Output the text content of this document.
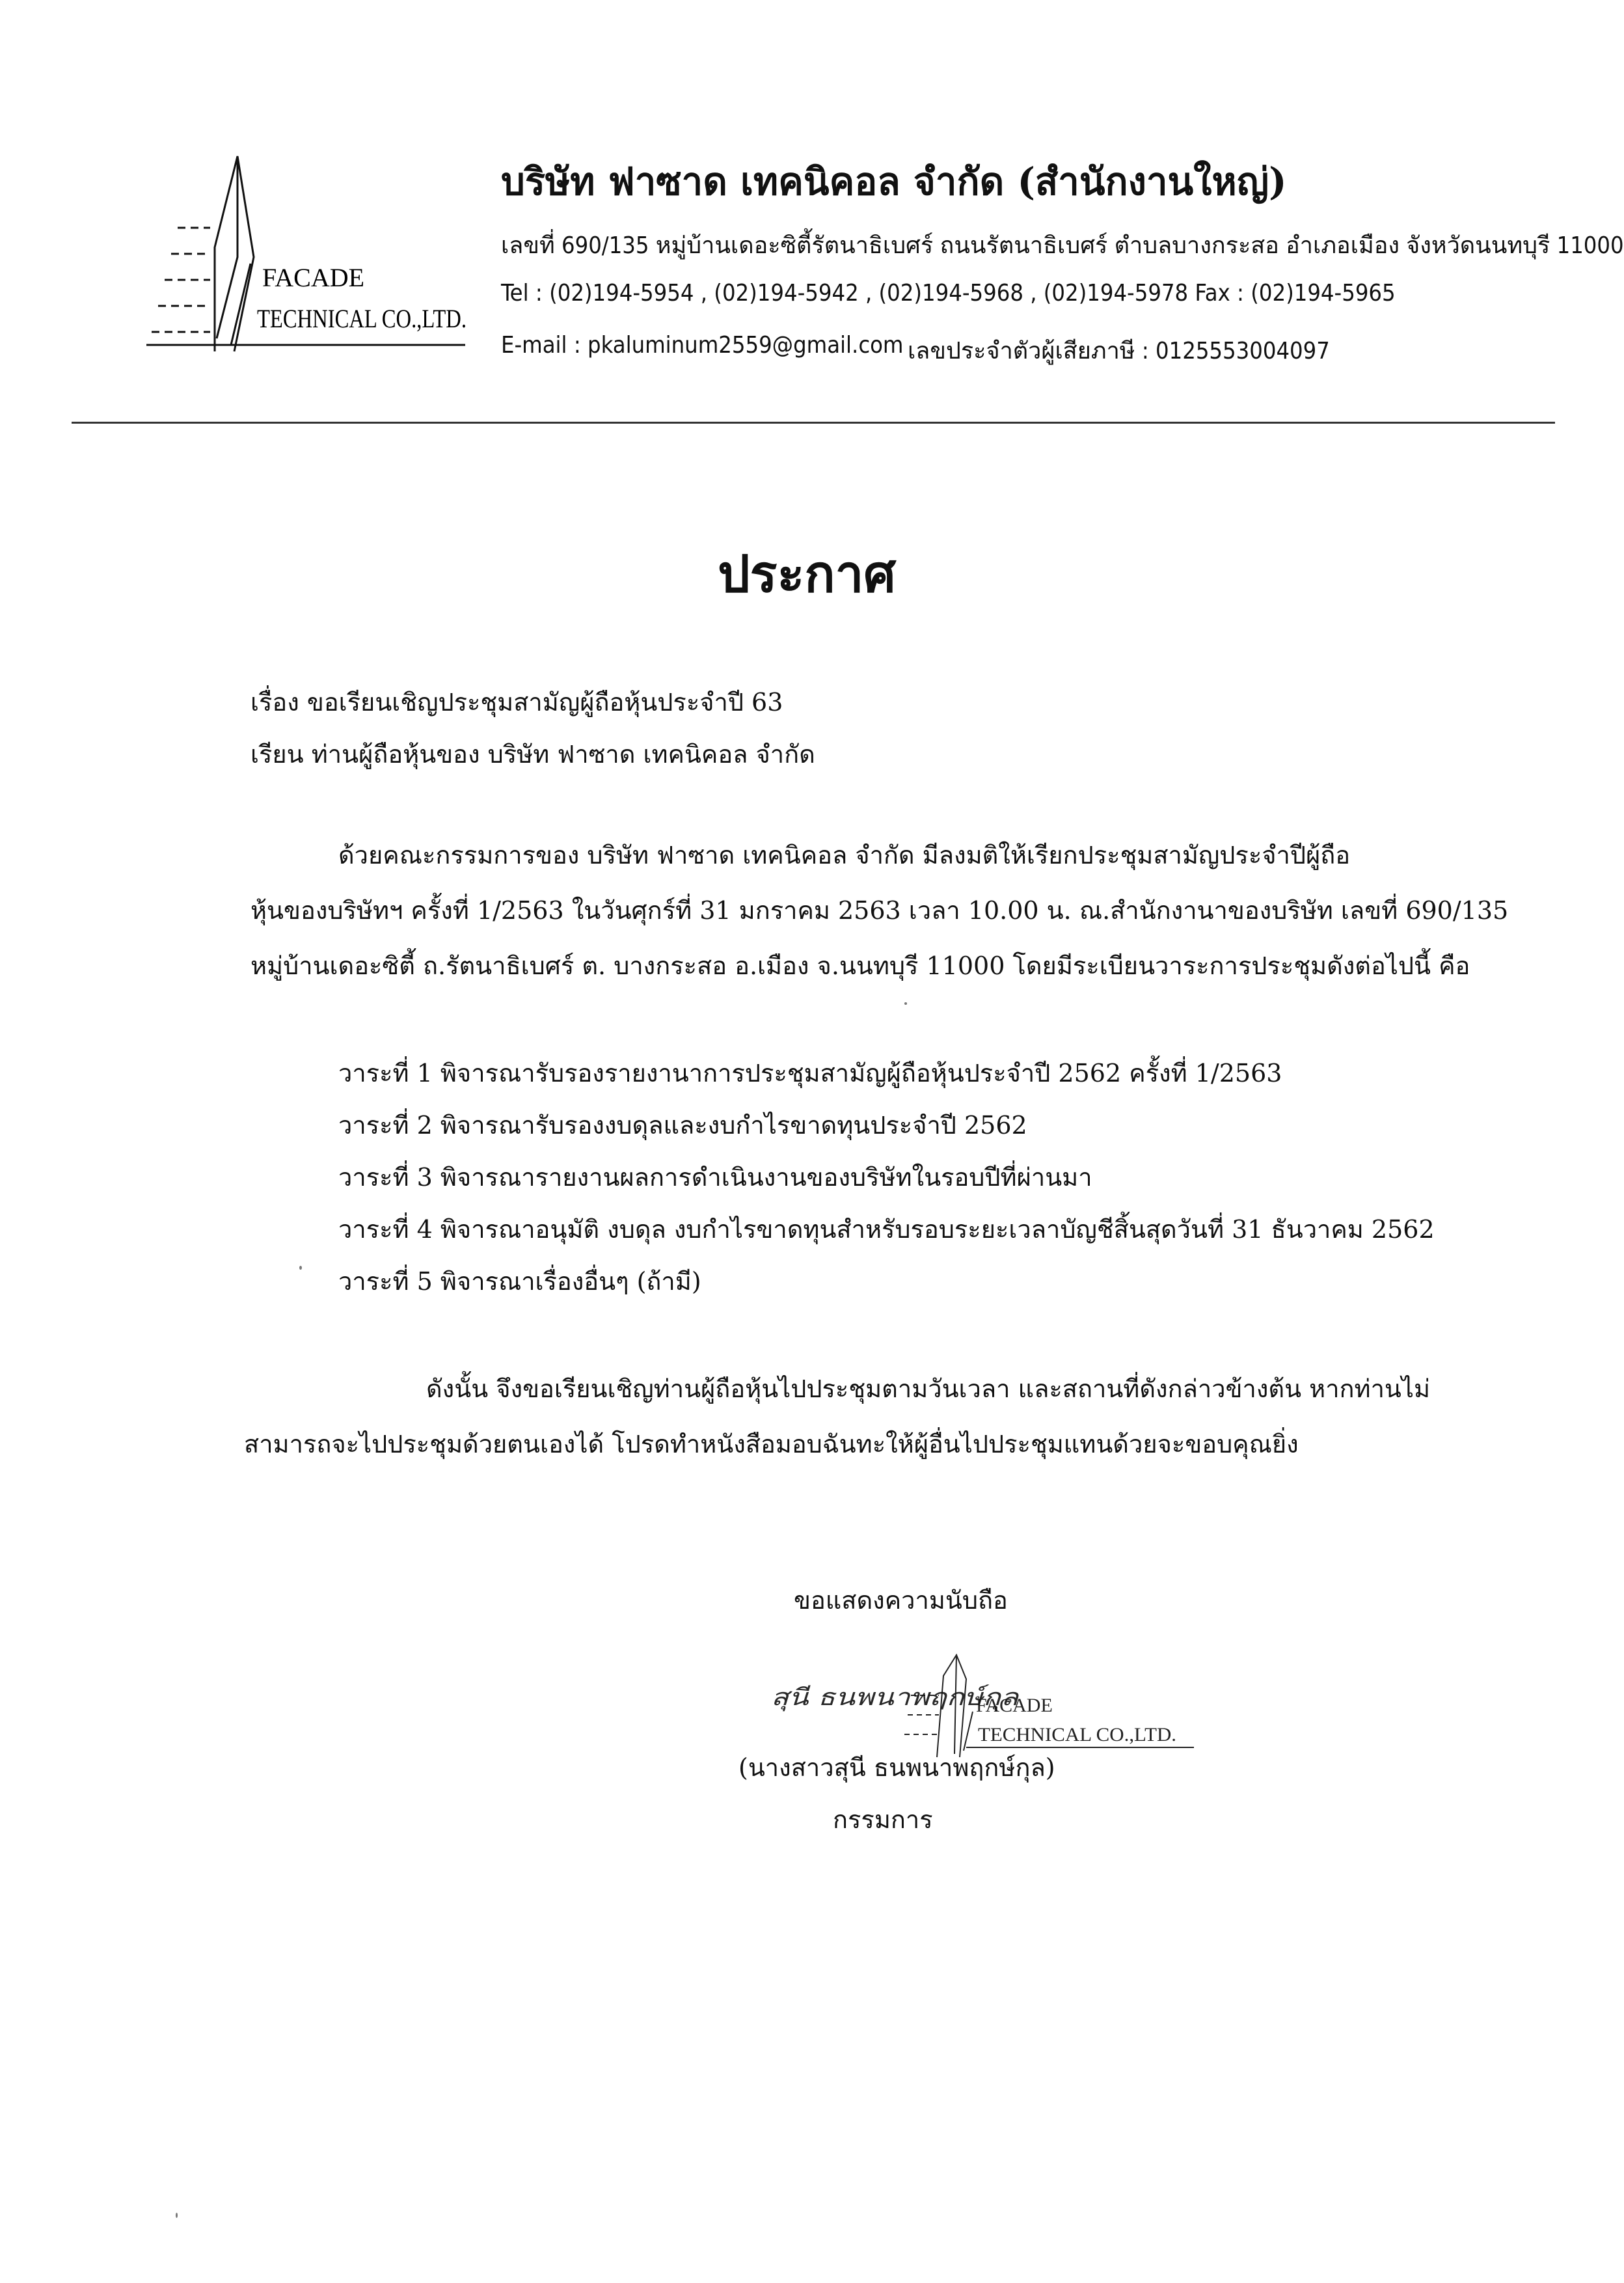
FACADE
TECHNICAL CO.,LTD.
บริษัท ฟาซาด เทคนิคอล จำกัด (สำนักงานใหญ่)
เลขที่ 690/135 หมู่บ้านเดอะซิตี้รัตนาธิเบศร์ ถนนรัตนาธิเบศร์ ตำบลบางกระสอ อำเภอเมือง จังหวัดนนทบุรี 11000
Tel : (02)194-5954 , (02)194-5942 , (02)194-5968 , (02)194-5978 Fax : (02)194-5965
E-mail : pkaluminum2559@gmail.com เลขประจำตัวผู้เสียภาษี : 0125553004097
ประกาศ
เรื่อง ขอเรียนเชิญประชุมสามัญผู้ถือหุ้นประจำปี 63
เรียน ท่านผู้ถือหุ้นของ บริษัท ฟาซาด เทคนิคอล จำกัด
ด้วยคณะกรรมการของ บริษัท ฟาซาด เทคนิคอล จำกัด มีลงมติให้เรียกประชุมสามัญประจำปีผู้ถือ
หุ้นของบริษัทฯ ครั้งที่ 1/2563 ในวันศุกร์ที่ 31 มกราคม 2563 เวลา 10.00 น. ณ.สำนักงานาของบริษัท เลขที่ 690/135
หมู่บ้านเดอะซิตี้ ถ.รัตนาธิเบศร์ ต. บางกระสอ อ.เมือง จ.นนทบุรี 11000 โดยมีระเบียนวาระการประชุมดังต่อไปนี้ คือ
วาระที่ 1 พิจารณารับรองรายงานาการประชุมสามัญผู้ถือหุ้นประจำปี 2562 ครั้งที่ 1/2563
วาระที่ 2 พิจารณารับรองงบดุลและงบกำไรขาดทุนประจำปี 2562
วาระที่ 3 พิจารณารายงานผลการดำเนินงานของบริษัทในรอบปีที่ผ่านมา
วาระที่ 4 พิจารณาอนุมัติ งบดุล งบกำไรขาดทุนสำหรับรอบระยะเวลาบัญชีสิ้นสุดวันที่ 31 ธันวาคม 2562
วาระที่ 5 พิจารณาเรื่องอื่นๆ (ถ้ามี)
ดังนั้น จึงขอเรียนเชิญท่านผู้ถือหุ้นไปประชุมตามวันเวลา และสถานที่ดังกล่าวข้างต้น หากท่านไม่
สามารถจะไปประชุมด้วยตนเองได้ โปรดทำหนังสือมอบฉันทะให้ผู้อื่นไปประชุมแทนด้วยจะขอบคุณยิ่ง
ขอแสดงความนับถือ
FACADE
TECHNICAL CO.,LTD.
สุนี ธนพนาพฤกษ์กุล
(นางสาวสุนี ธนพนาพฤกษ์กุล)
กรรมการ
